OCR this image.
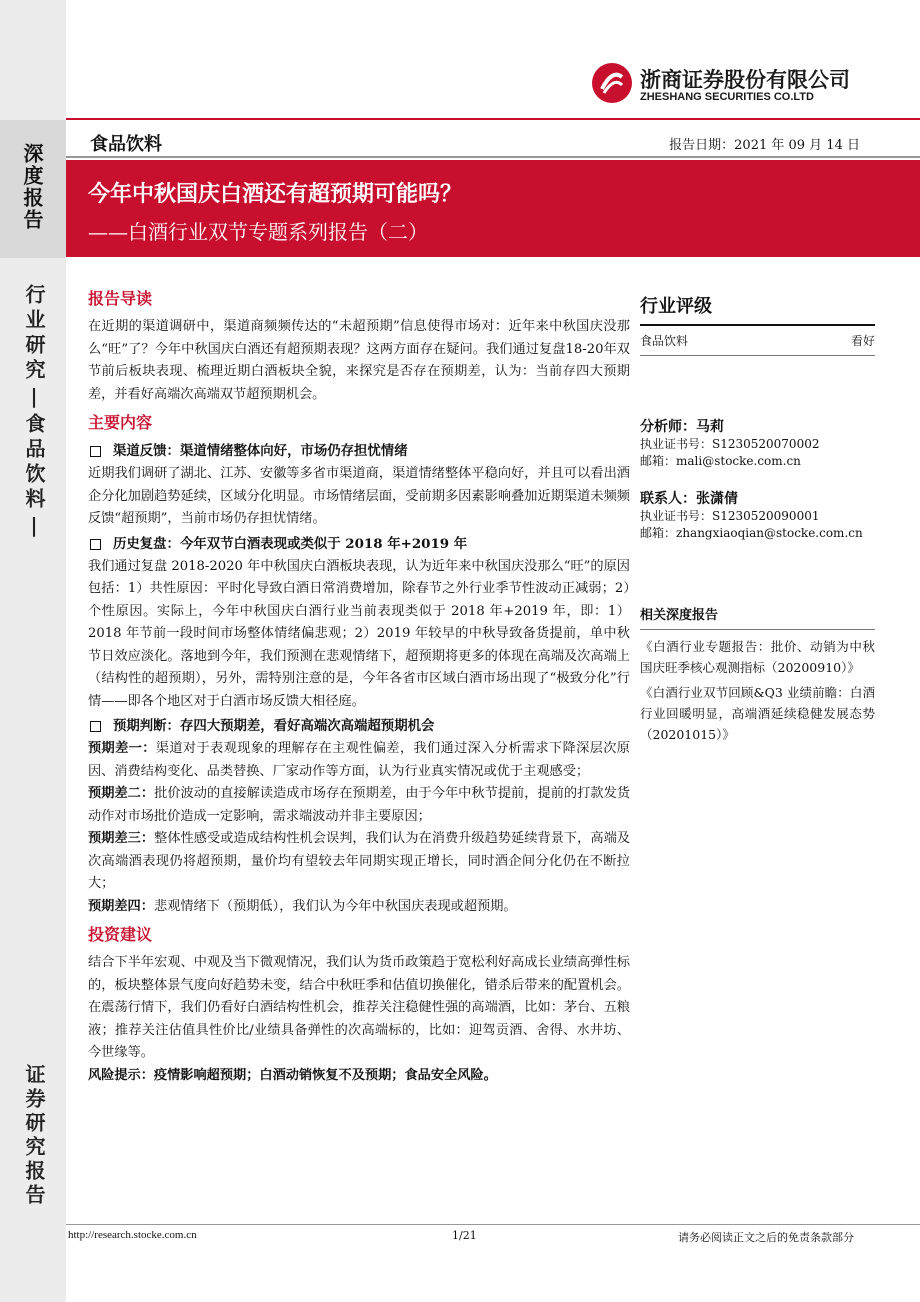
深度报告
行业研究|食品饮料|
证券研究报告
浙商证券股份有限公司
ZHESHANG SECURITIES CO.LTD
食品饮料	报告日期：2021 年 09 月 14 日
今年中秋国庆白酒还有超预期可能吗？
——白酒行业双节专题系列报告（二）
报告导读

在近期的渠道调研中，渠道商频频传达的“未超预期”信息使得市场对：近年来中秋国庆没那么“旺”了？今年中秋国庆白酒还有超预期表现？这两方面存在疑问。我们通过复盘18-20年双节前后板块表现、梳理近期白酒板块全貌，来探究是否存在预期差，认为：当前存四大预期差，并看好高端次高端双节超预期机会。

主要内容
渠道反馈：渠道情绪整体向好，市场仍存担忧情绪

近期我们调研了湖北、江苏、安徽等多省市渠道商，渠道情绪整体平稳向好，并且可以看出酒企分化加剧趋势延续，区域分化明显。市场情绪层面，受前期多因素影响叠加近期渠道未频频反馈“超预期”，当前市场仍存担忧情绪。

历史复盘：今年双节白酒表现或类似于 2018 年+2019 年

我们通过复盘 2018-2020 年中秋国庆白酒板块表现，认为近年来中秋国庆没那么“旺”的原因包括：1）共性原因：平时化导致白酒日常消费增加，除春节之外行业季节性波动正减弱；2）个性原因。实际上，今年中秋国庆白酒行业当前表现类似于 2018 年+2019 年，即：1）2018 年节前一段时间市场整体情绪偏悲观；2）2019 年较早的中秋导致备货提前，单中秋节日效应淡化。落地到今年，我们预测在悲观情绪下，超预期将更多的体现在高端及次高端上（结构性的超预期），另外，需特别注意的是，今年各省市区域白酒市场出现了“极致分化”行情——即各个地区对于白酒市场反馈大相径庭。

预期判断：存四大预期差，看好高端次高端超预期机会

预期差一：渠道对于表观现象的理解存在主观性偏差，我们通过深入分析需求下降深层次原因、消费结构变化、品类替换、厂家动作等方面，认为行业真实情况或优于主观感受；

预期差二：批价波动的直接解读造成市场存在预期差，由于今年中秋节提前，提前的打款发货动作对市场批价造成一定影响，需求端波动并非主要原因；

预期差三：整体性感受或造成结构性机会误判，我们认为在消费升级趋势延续背景下，高端及次高端酒表现仍将超预期，量价均有望较去年同期实现正增长，同时酒企间分化仍在不断拉大；

预期差四：悲观情绪下（预期低），我们认为今年中秋国庆表现或超预期。

投资建议

结合下半年宏观、中观及当下微观情况，我们认为货币政策趋于宽松利好高成长业绩高弹性标的，板块整体景气度向好趋势未变，结合中秋旺季和估值切换催化，错杀后带来的配置机会。在震荡行情下，我们仍看好白酒结构性机会，推荐关注稳健性强的高端酒，比如：茅台、五粮液；推荐关注估值具性价比/业绩具备弹性的次高端标的，比如：迎驾贡酒、舍得、水井坊、今世缘等。

风险提示：疫情影响超预期；白酒动销恢复不及预期；食品安全风险。

行业评级
食品饮料	看好
分析师：马莉
执业证书号：S1230520070002
邮箱：mali@stocke.com.cn
联系人：张潇倩
执业证书号：S1230520090001
邮箱：zhangxiaoqian@stocke.com.cn
相关深度报告

《白酒行业专题报告：批价、动销为中秋国庆旺季核心观测指标（20200910）》

《白酒行业双节回顾&Q3 业绩前瞻：白酒行业回暖明显，高端酒延续稳健发展态势（20201015）》

http://research.stocke.com.cn	1/21	请务必阅读正文之后的免责条款部分
